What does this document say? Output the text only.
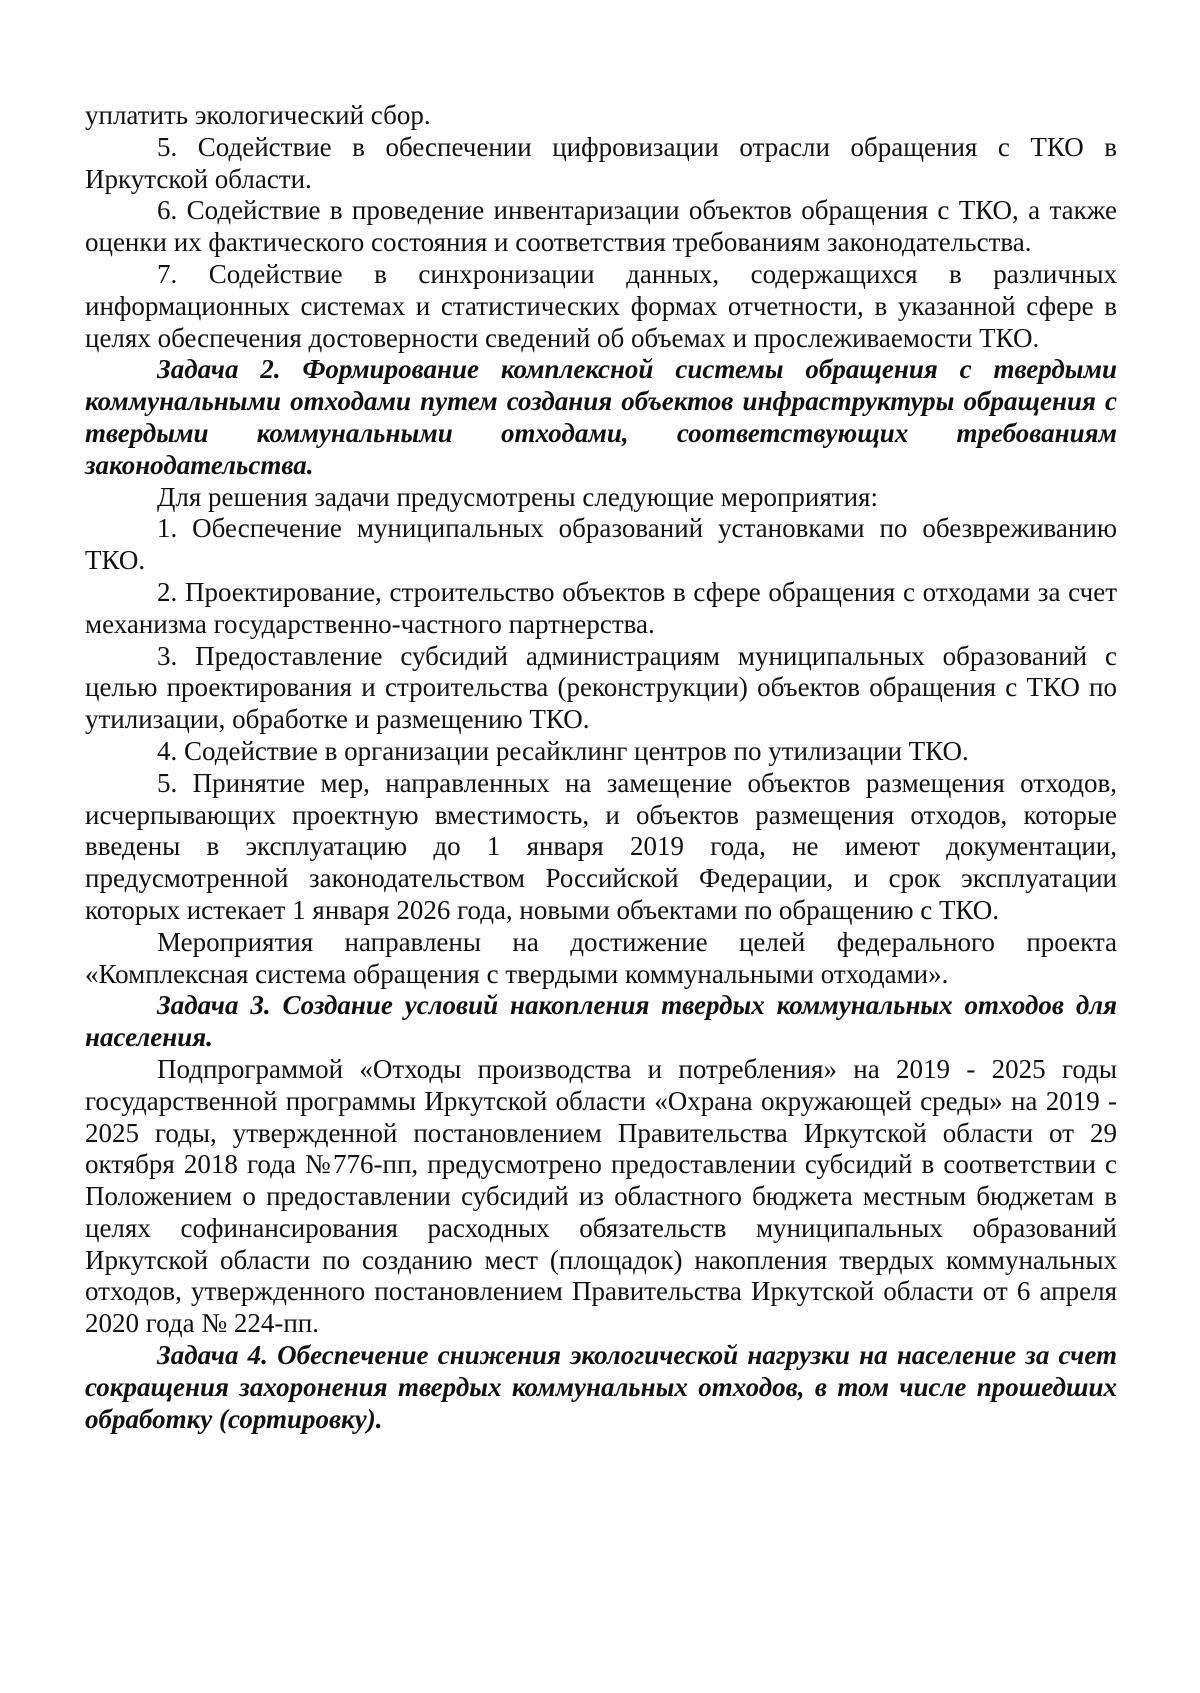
уплатить экологический сбор.

5. Содействие в обеспечении цифровизации отрасли обращения с ТКО в Иркутской области.

6. Содействие в проведение инвентаризации объектов обращения с ТКО, а также оценки их фактического состояния и соответствия требованиям законодательства.

7. Содействие в синхронизации данных, содержащихся в различных информационных системах и статистических формах отчетности, в указанной сфере в целях обеспечения достоверности сведений об объемах и прослеживаемости ТКО.

Задача 2. Формирование комплексной системы обращения с твердыми коммунальными отходами путем создания объектов инфраструктуры обращения с твердыми коммунальными отходами, соответствующих требованиям законодательства.

Для решения задачи предусмотрены следующие мероприятия:

1. Обеспечение муниципальных образований установками по обезвреживанию ТКО.

2. Проектирование, строительство объектов в сфере обращения с отходами за счет механизма государственно-частного партнерства.

3. Предоставление субсидий администрациям муниципальных образований с целью проектирования и строительства (реконструкции) объектов обращения с ТКО по утилизации, обработке и размещению ТКО.

4. Содействие в организации ресайклинг центров по утилизации ТКО.

5. Принятие мер, направленных на замещение объектов размещения отходов, исчерпывающих проектную вместимость, и объектов размещения отходов, которые введены в эксплуатацию до 1 января 2019 года, не имеют документации, предусмотренной законодательством Российской Федерации, и срок эксплуатации которых истекает 1 января 2026 года, новыми объектами по обращению с ТКО.

Мероприятия направлены на достижение целей федерального проекта «Комплексная система обращения с твердыми коммунальными отходами».

Задача 3. Создание условий накопления твердых коммунальных отходов для населения.

Подпрограммой «Отходы производства и потребления» на 2019 - 2025 годы государственной программы Иркутской области «Охрана окружающей среды» на 2019 - 2025 годы, утвержденной постановлением Правительства Иркутской области от 29 октября 2018 года №776-пп, предусмотрено предоставлении субсидий в соответствии с Положением о предоставлении субсидий из областного бюджета местным бюджетам в целях софинансирования расходных обязательств муниципальных образований Иркутской области по созданию мест (площадок) накопления твердых коммунальных отходов, утвержденного постановлением Правительства Иркутской области от 6 апреля 2020 года № 224-пп.

Задача 4. Обеспечение снижения экологической нагрузки на население за счет сокращения захоронения твердых коммунальных отходов, в том числе прошедших обработку (сортировку).
